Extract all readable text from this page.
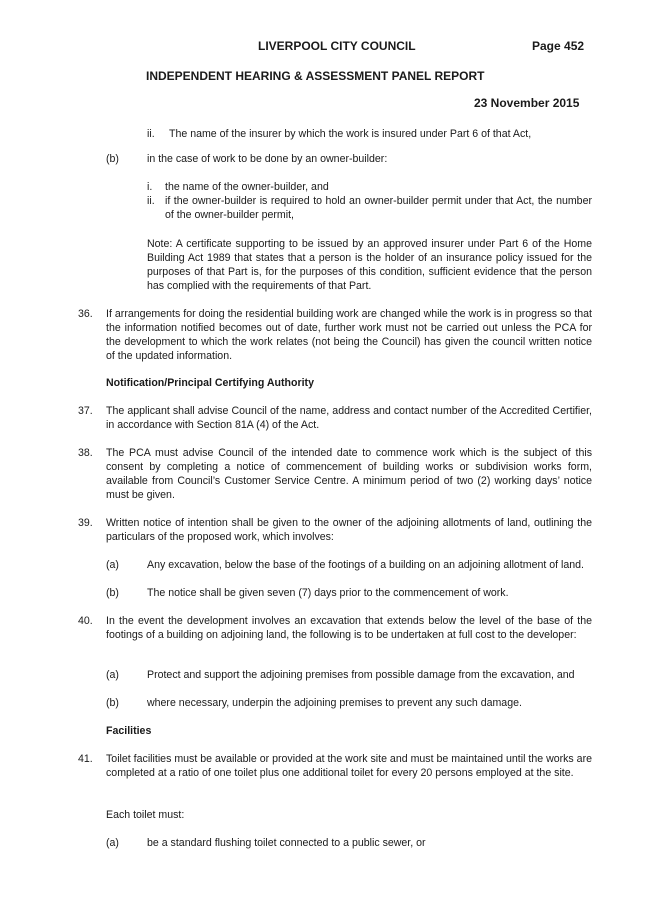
LIVERPOOL CITY COUNCIL	Page 452
INDEPENDENT HEARING & ASSESSMENT PANEL REPORT
23 November 2015
ii. The name of the insurer by which the work is insured under Part 6 of that Act,
(b)	in the case of work to be done by an owner-builder:
i. the name of the owner-builder, and
ii. if the owner-builder is required to hold an owner-builder permit under that Act, the number of the owner-builder permit,
Note: A certificate supporting to be issued by an approved insurer under Part 6 of the Home Building Act 1989 that states that a person is the holder of an insurance policy issued for the purposes of that Part is, for the purposes of this condition, sufficient evidence that the person has complied with the requirements of that Part.
36. If arrangements for doing the residential building work are changed while the work is in progress so that the information notified becomes out of date, further work must not be carried out unless the PCA for the development to which the work relates (not being the Council) has given the council written notice of the updated information.
Notification/Principal Certifying Authority
37. The applicant shall advise Council of the name, address and contact number of the Accredited Certifier, in accordance with Section 81A (4) of the Act.
38. The PCA must advise Council of the intended date to commence work which is the subject of this consent by completing a notice of commencement of building works or subdivision works form, available from Council’s Customer Service Centre. A minimum period of two (2) working days’ notice must be given.
39. Written notice of intention shall be given to the owner of the adjoining allotments of land, outlining the particulars of the proposed work, which involves:
(a)	Any excavation, below the base of the footings of a building on an adjoining allotment of land.
(b)	The notice shall be given seven (7) days prior to the commencement of work.
40. In the event the development involves an excavation that extends below the level of the base of the footings of a building on adjoining land, the following is to be undertaken at full cost to the developer:
(a)	Protect and support the adjoining premises from possible damage from the excavation, and
(b)	where necessary, underpin the adjoining premises to prevent any such damage.
Facilities
41. Toilet facilities must be available or provided at the work site and must be maintained until the works are completed at a ratio of one toilet plus one additional toilet for every 20 persons employed at the site.
Each toilet must:
(a)	be a standard flushing toilet connected to a public sewer, or
